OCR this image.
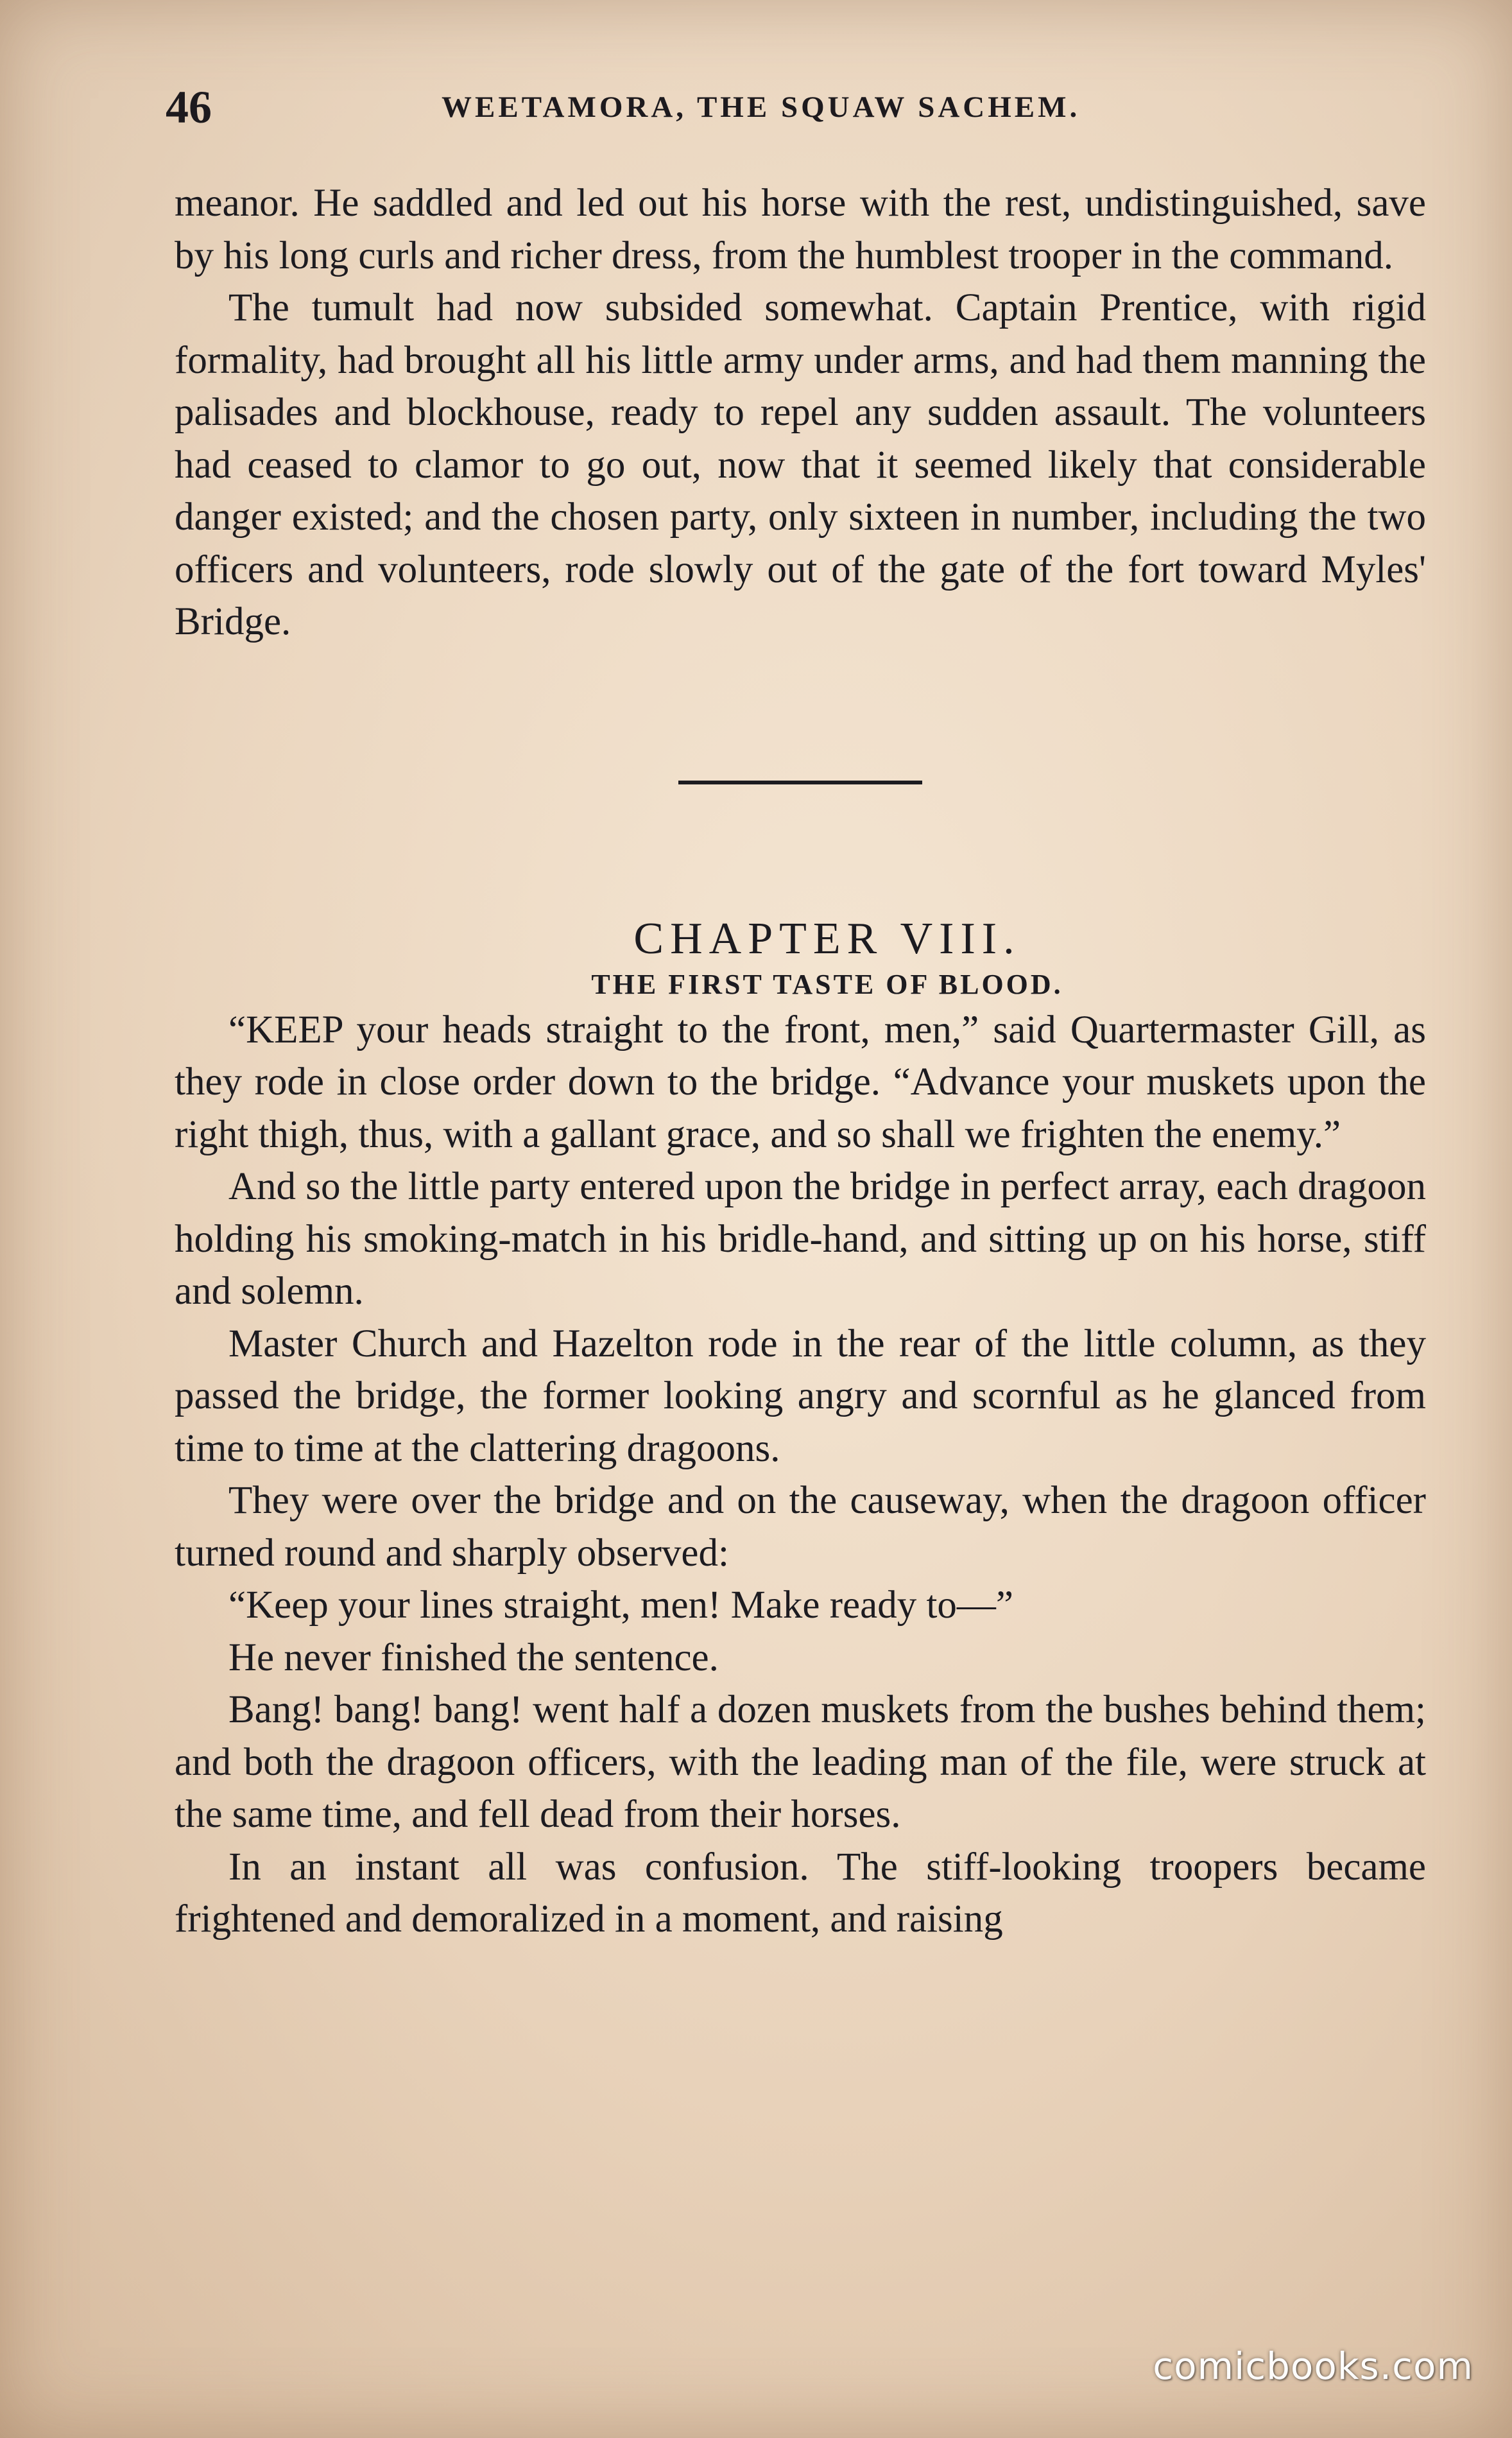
46	WEETAMORA, THE SQUAW SACHEM.

meanor. He saddled and led out his horse with the rest, undistinguished, save by his long curls and richer dress, from the humblest trooper in the command.

The tumult had now subsided somewhat. Captain Prentice, with rigid formality, had brought all his little army under arms, and had them manning the palisades and blockhouse, ready to repel any sudden assault. The volunteers had ceased to clamor to go out, now that it seemed likely that considerable danger existed; and the chosen party, only sixteen in number, including the two officers and volunteers, rode slowly out of the gate of the fort toward Myles' Bridge.

CHAPTER VIII.

THE FIRST TASTE OF BLOOD.

“KEEP your heads straight to the front, men,” said Quartermaster Gill, as they rode in close order down to the bridge. “Advance your muskets upon the right thigh, thus, with a gallant grace, and so shall we frighten the enemy.”

And so the little party entered upon the bridge in perfect array, each dragoon holding his smoking-match in his bridle-hand, and sitting up on his horse, stiff and solemn.

Master Church and Hazelton rode in the rear of the little column, as they passed the bridge, the former looking angry and scornful as he glanced from time to time at the clattering dragoons.

They were over the bridge and on the causeway, when the dragoon officer turned round and sharply observed:

“Keep your lines straight, men! Make ready to—”

He never finished the sentence.

Bang! bang! bang! went half a dozen muskets from the bushes behind them; and both the dragoon officers, with the leading man of the file, were struck at the same time, and fell dead from their horses.

In an instant all was confusion. The stiff-looking troopers became frightened and demoralized in a moment, and raising

comicbooks.com
